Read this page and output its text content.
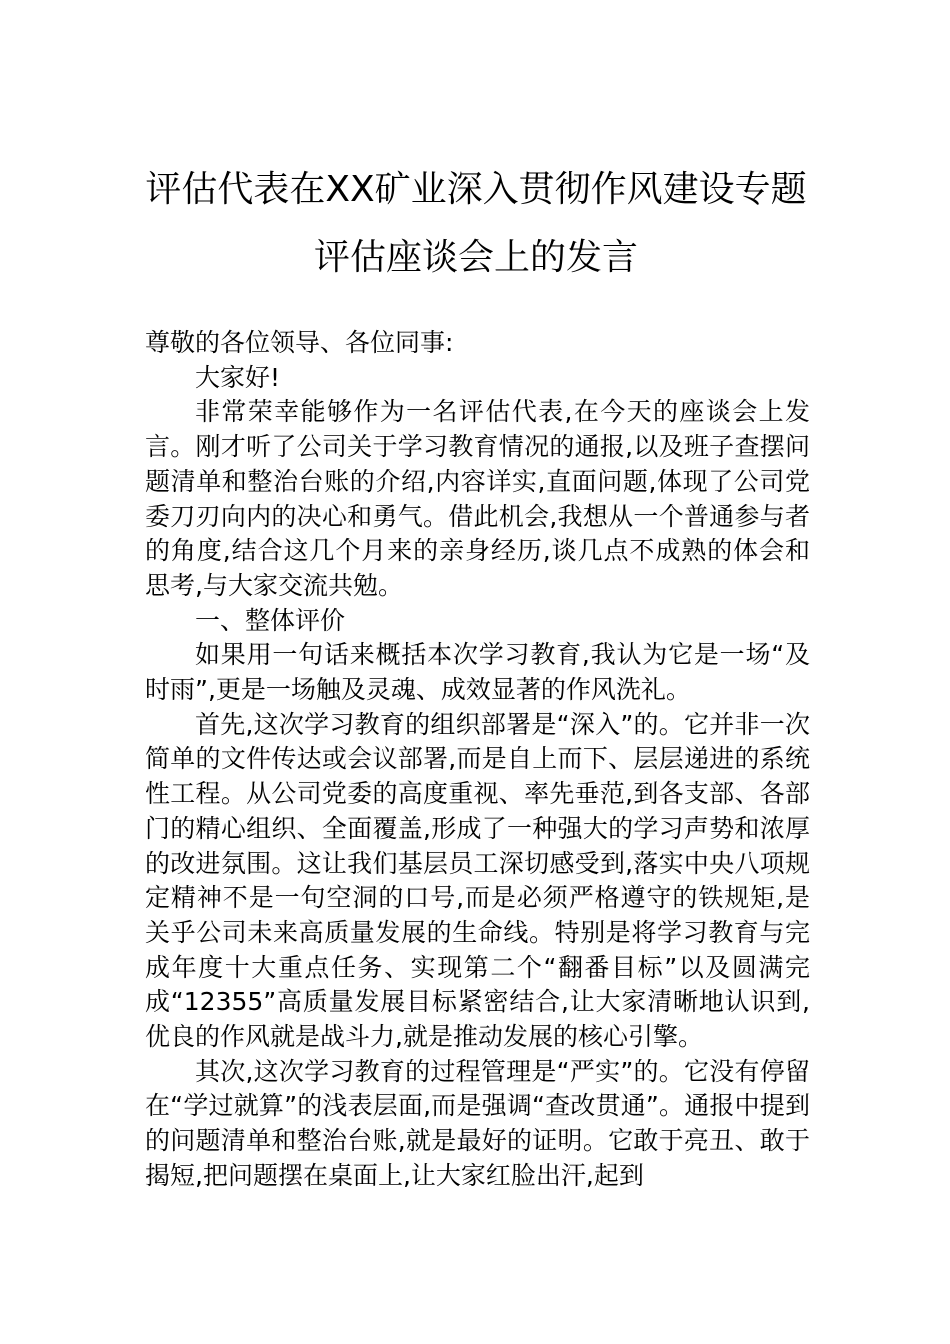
评估代表在XX矿业深入贯彻作风建设专题
评估座谈会上的发言

尊敬的各位领导、各位同事:

大家好!

非常荣幸能够作为一名评估代表,在今天的座谈会上发言。刚才听了公司关于学习教育情况的通报,以及班子查摆问题清单和整治台账的介绍,内容详实,直面问题,体现了公司党委刀刃向内的决心和勇气。借此机会,我想从一个普通参与者的角度,结合这几个月来的亲身经历,谈几点不成熟的体会和思考,与大家交流共勉。

一、整体评价

如果用一句话来概括本次学习教育,我认为它是一场“及时雨”,更是一场触及灵魂、成效显著的作风洗礼。

首先,这次学习教育的组织部署是“深入”的。它并非一次简单的文件传达或会议部署,而是自上而下、层层递进的系统性工程。从公司党委的高度重视、率先垂范,到各支部、各部门的精心组织、全面覆盖,形成了一种强大的学习声势和浓厚的改进氛围。这让我们基层员工深切感受到,落实中央八项规定精神不是一句空洞的口号,而是必须严格遵守的铁规矩,是关乎公司未来高质量发展的生命线。特别是将学习教育与完成年度十大重点任务、实现第二个“翻番目标”以及圆满完成“12355”高质量发展目标紧密结合,让大家清晰地认识到,优良的作风就是战斗力,就是推动发展的核心引擎。

其次,这次学习教育的过程管理是“严实”的。它没有停留在“学过就算”的浅表层面,而是强调“查改贯通”。通报中提到的问题清单和整治台账,就是最好的证明。它敢于亮丑、敢于揭短,把问题摆在桌面上,让大家红脸出汗,起到
